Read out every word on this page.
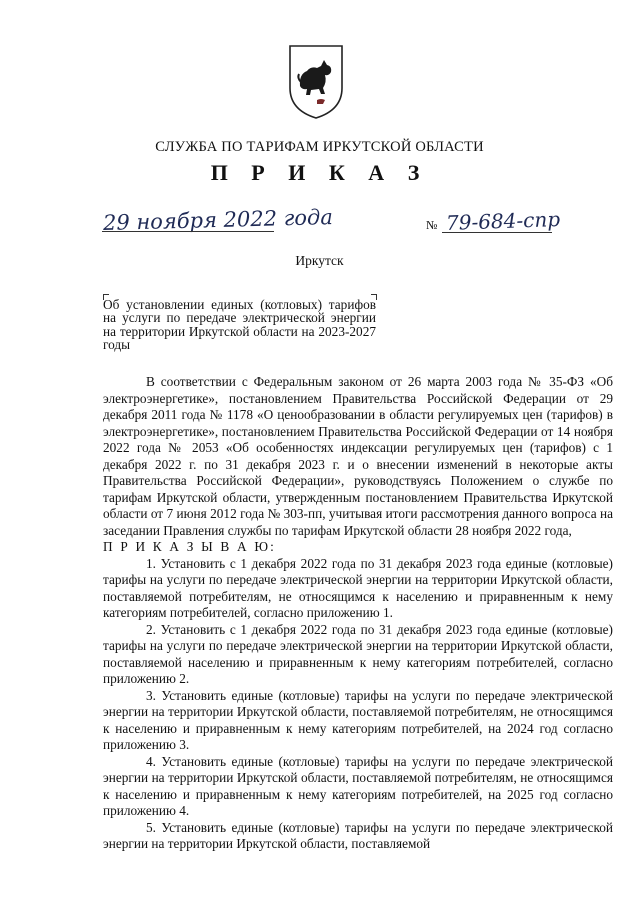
СЛУЖБА ПО ТАРИФАМ ИРКУТСКОЙ ОБЛАСТИ
П Р И К А З
29 ноября 2022 года	№ 79-684-спр
Иркутск
Об установлении единых (котловых) тарифов на услуги по передаче электрической энергии на территории Иркутской области на 2023-2027 годы

В соответствии с Федеральным законом от 26 марта 2003 года № 35-ФЗ «Об электроэнергетике», постановлением Правительства Российской Федерации от 29 декабря 2011 года № 1178 «О ценообразовании в области регулируемых цен (тарифов) в электроэнергетике», постановлением Правительства Российской Федерации от 14 ноября 2022 года № 2053 «Об особенностях индексации регулируемых цен (тарифов) с 1 декабря 2022 г. по 31 декабря 2023 г. и о внесении изменений в некоторые акты Правительства Российской Федерации», руководствуясь Положением о службе по тарифам Иркутской области, утвержденным постановлением Правительства Иркутской области от 7 июня 2012 года № 303-пп, учитывая итоги рассмотрения данного вопроса на заседании Правления службы по тарифам Иркутской области 28 ноября 2022 года,

П Р И К А З Ы В А Ю:

1. Установить с 1 декабря 2022 года по 31 декабря 2023 года единые (котловые) тарифы на услуги по передаче электрической энергии на территории Иркутской области, поставляемой потребителям, не относящимся к населению и приравненным к нему категориям потребителей, согласно приложению 1.

2. Установить с 1 декабря 2022 года по 31 декабря 2023 года единые (котловые) тарифы на услуги по передаче электрической энергии на территории Иркутской области, поставляемой населению и приравненным к нему категориям потребителей, согласно приложению 2.

3. Установить единые (котловые) тарифы на услуги по передаче электрической энергии на территории Иркутской области, поставляемой потребителям, не относящимся к населению и приравненным к нему категориям потребителей, на 2024 год согласно приложению 3.

4. Установить единые (котловые) тарифы на услуги по передаче электрической энергии на территории Иркутской области, поставляемой потребителям, не относящимся к населению и приравненным к нему категориям потребителей, на 2025 год согласно приложению 4.

5. Установить единые (котловые) тарифы на услуги по передаче электрической энергии на территории Иркутской области, поставляемой
